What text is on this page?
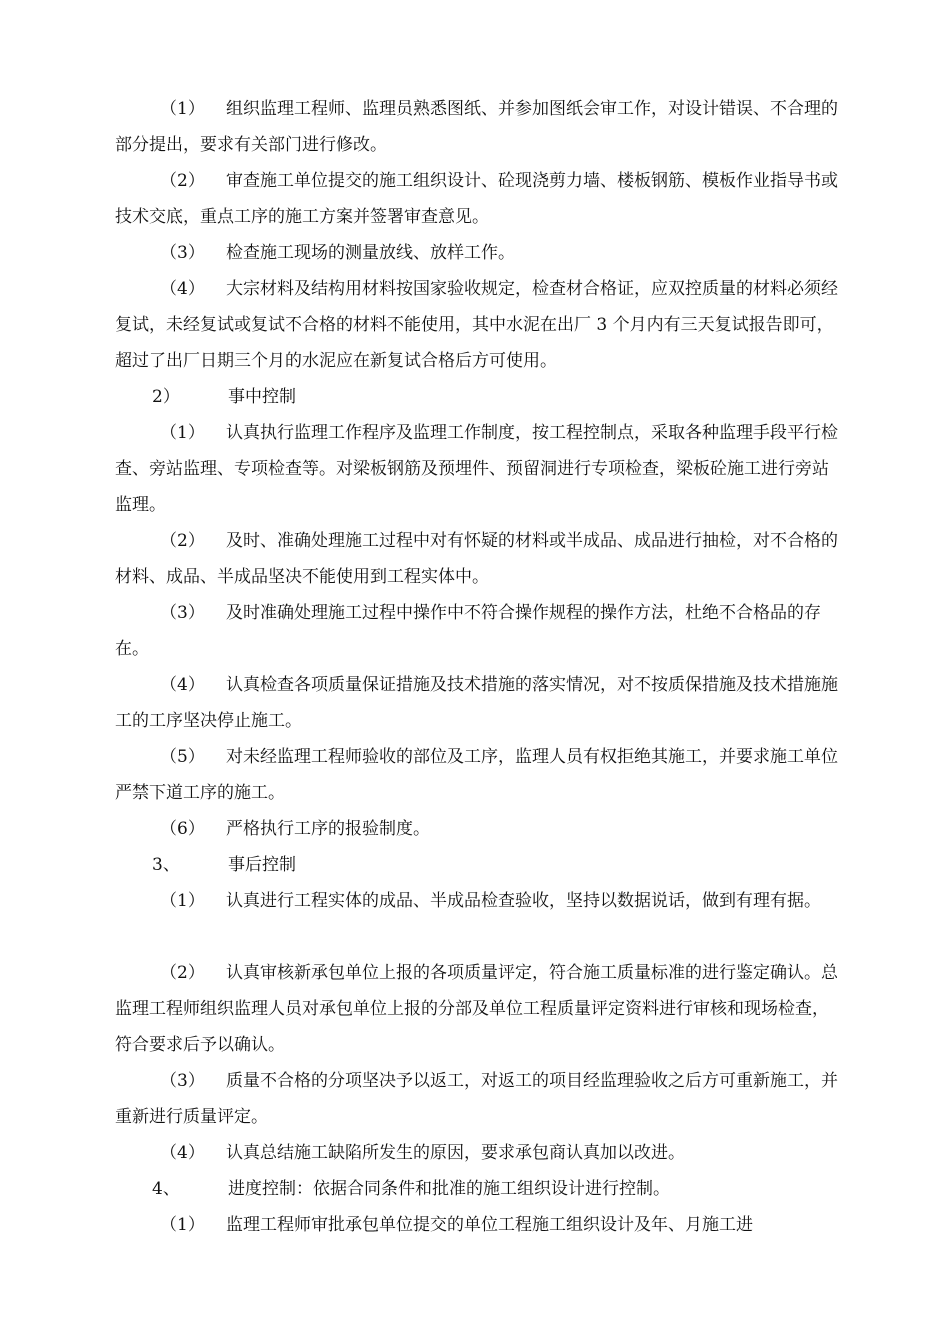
（1） 组织监理工程师、监理员熟悉图纸、并参加图纸会审工作，对设计错误、不合理的部分提出，要求有关部门进行修改。

（2） 审查施工单位提交的施工组织设计、砼现浇剪力墙、楼板钢筋、模板作业指导书或技术交底，重点工序的施工方案并签署审查意见。

（3） 检查施工现场的测量放线、放样工作。

（4） 大宗材料及结构用材料按国家验收规定，检查材合格证，应双控质量的材料必须经复试，未经复试或复试不合格的材料不能使用，其中水泥在出厂 3 个月内有三天复试报告即可，超过了出厂日期三个月的水泥应在新复试合格后方可使用。

2）	事中控制

（1） 认真执行监理工作程序及监理工作制度，按工程控制点，采取各种监理手段平行检查、旁站监理、专项检查等。对梁板钢筋及预埋件、预留洞进行专项检查，梁板砼施工进行旁站监理。

（2） 及时、准确处理施工过程中对有怀疑的材料或半成品、成品进行抽检，对不合格的材料、成品、半成品坚决不能使用到工程实体中。

（3） 及时准确处理施工过程中操作中不符合操作规程的操作方法，杜绝不合格品的存在。

（4） 认真检查各项质量保证措施及技术措施的落实情况，对不按质保措施及技术措施施工的工序坚决停止施工。

（5） 对未经监理工程师验收的部位及工序，监理人员有权拒绝其施工，并要求施工单位严禁下道工序的施工。

（6） 严格执行工序的报验制度。

3、	事后控制

（1） 认真进行工程实体的成品、半成品检查验收，坚持以数据说话，做到有理有据。

（2） 认真审核新承包单位上报的各项质量评定，符合施工质量标准的进行鉴定确认。总监理工程师组织监理人员对承包单位上报的分部及单位工程质量评定资料进行审核和现场检查，符合要求后予以确认。

（3） 质量不合格的分项坚决予以返工，对返工的项目经监理验收之后方可重新施工，并重新进行质量评定。

（4） 认真总结施工缺陷所发生的原因，要求承包商认真加以改进。

4、	进度控制：依据合同条件和批准的施工组织设计进行控制。

（1） 监理工程师审批承包单位提交的单位工程施工组织设计及年、月施工进
